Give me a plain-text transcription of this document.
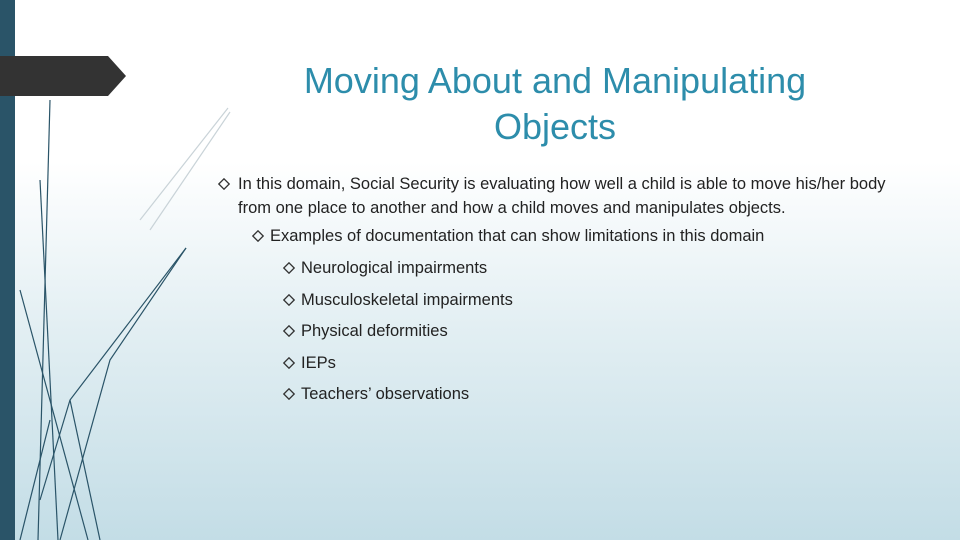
Moving About and Manipulating Objects
In this domain, Social Security is evaluating how well a child is able to move his/her body from one place to another and how a child moves and manipulates objects.
Examples of documentation that can show limitations in this domain
Neurological impairments
Musculoskeletal impairments
Physical deformities
IEPs
Teachers’ observations
